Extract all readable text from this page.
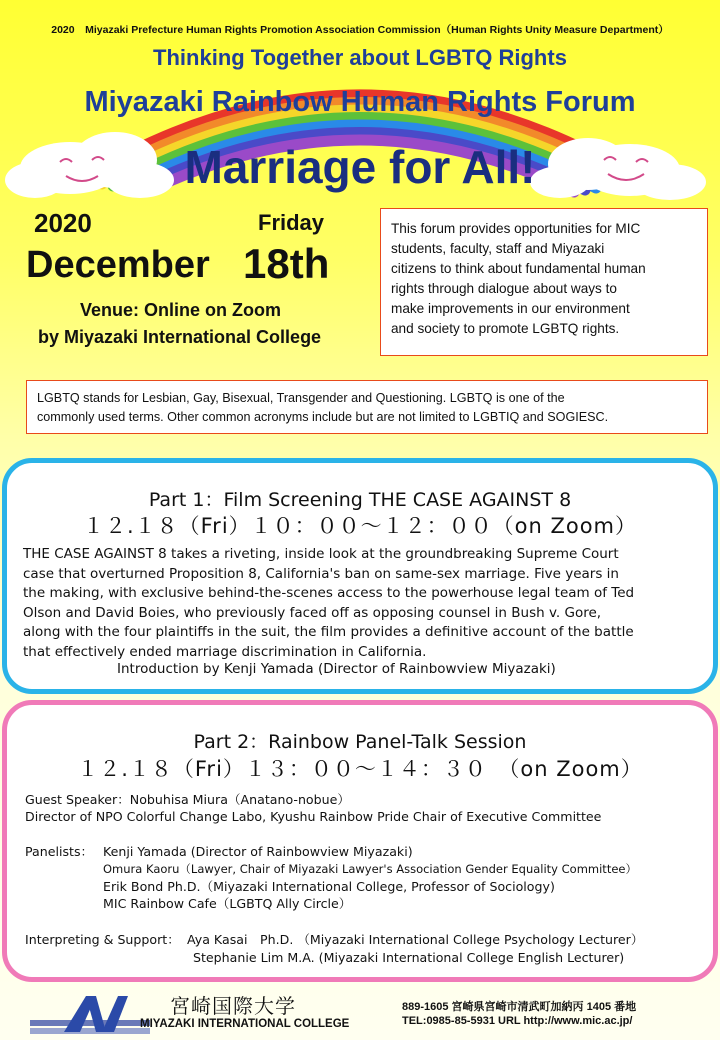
2020　Miyazaki Prefecture Human Rights Promotion Association Commission（Human Rights Unity Measure Department）
Thinking Together about LGBTQ Rights
Miyazaki Rainbow Human Rights Forum
Marriage for All!
2020	Friday
December 18th
Venue: Online on Zoom
by Miyazaki International College
This forum provides opportunities for MIC
students, faculty, staff and Miyazaki
citizens to think about fundamental human
rights through dialogue about ways to
make improvements in our environment
and society to promote LGBTQ rights.
LGBTQ stands for Lesbian, Gay, Bisexual, Transgender and Questioning. LGBTQ is one of the
commonly used terms. Other common acronyms include but are not limited to LGBTIQ and SOGIESC.
Part 1：Film Screening THE CASE AGAINST 8
１２.１８（Fri）１０：００～１２：００（on Zoom）
THE CASE AGAINST 8 takes a riveting, inside look at the groundbreaking Supreme Court
case that overturned Proposition 8, California's ban on same-sex marriage. Five years in
the making, with exclusive behind-the-scenes access to the powerhouse legal team of Ted
Olson and David Boies, who previously faced off as opposing counsel in Bush v. Gore,
along with the four plaintiffs in the suit, the film provides a definitive account of the battle
that effectively ended marriage discrimination in California.
Introduction by Kenji Yamada (Director of Rainbowview Miyazaki)
Part 2：Rainbow Panel-Talk Session
１２.１８（Fri）１３：００～１４：３０　（on Zoom）
Guest Speaker：Nobuhisa Miura（Anatano-nobue）
Director of NPO Colorful Change Labo, Kyushu Rainbow Pride Chair of Executive Committee
Panelists： Kenji Yamada (Director of Rainbowview Miyazaki)
Omura Kaoru（Lawyer, Chair of Miyazaki Lawyer's Association Gender Equality Committee）
Erik Bond Ph.D.（Miyazaki International College, Professor of Sociology)
MIC Rainbow Cafe（LGBTQ Ally Circle）
Interpreting & Support： Aya Kasai　Ph.D. （Miyazaki International College Psychology Lecturer）
Stephanie Lim M.A. (Miyazaki International College English Lecturer)
宮崎国際大学
MIYAZAKI INTERNATIONAL COLLEGE
889-1605 宮崎県宮崎市清武町加納丙 1405 番地
TEL:0985-85-5931 URL http://www.mic.ac.jp/
